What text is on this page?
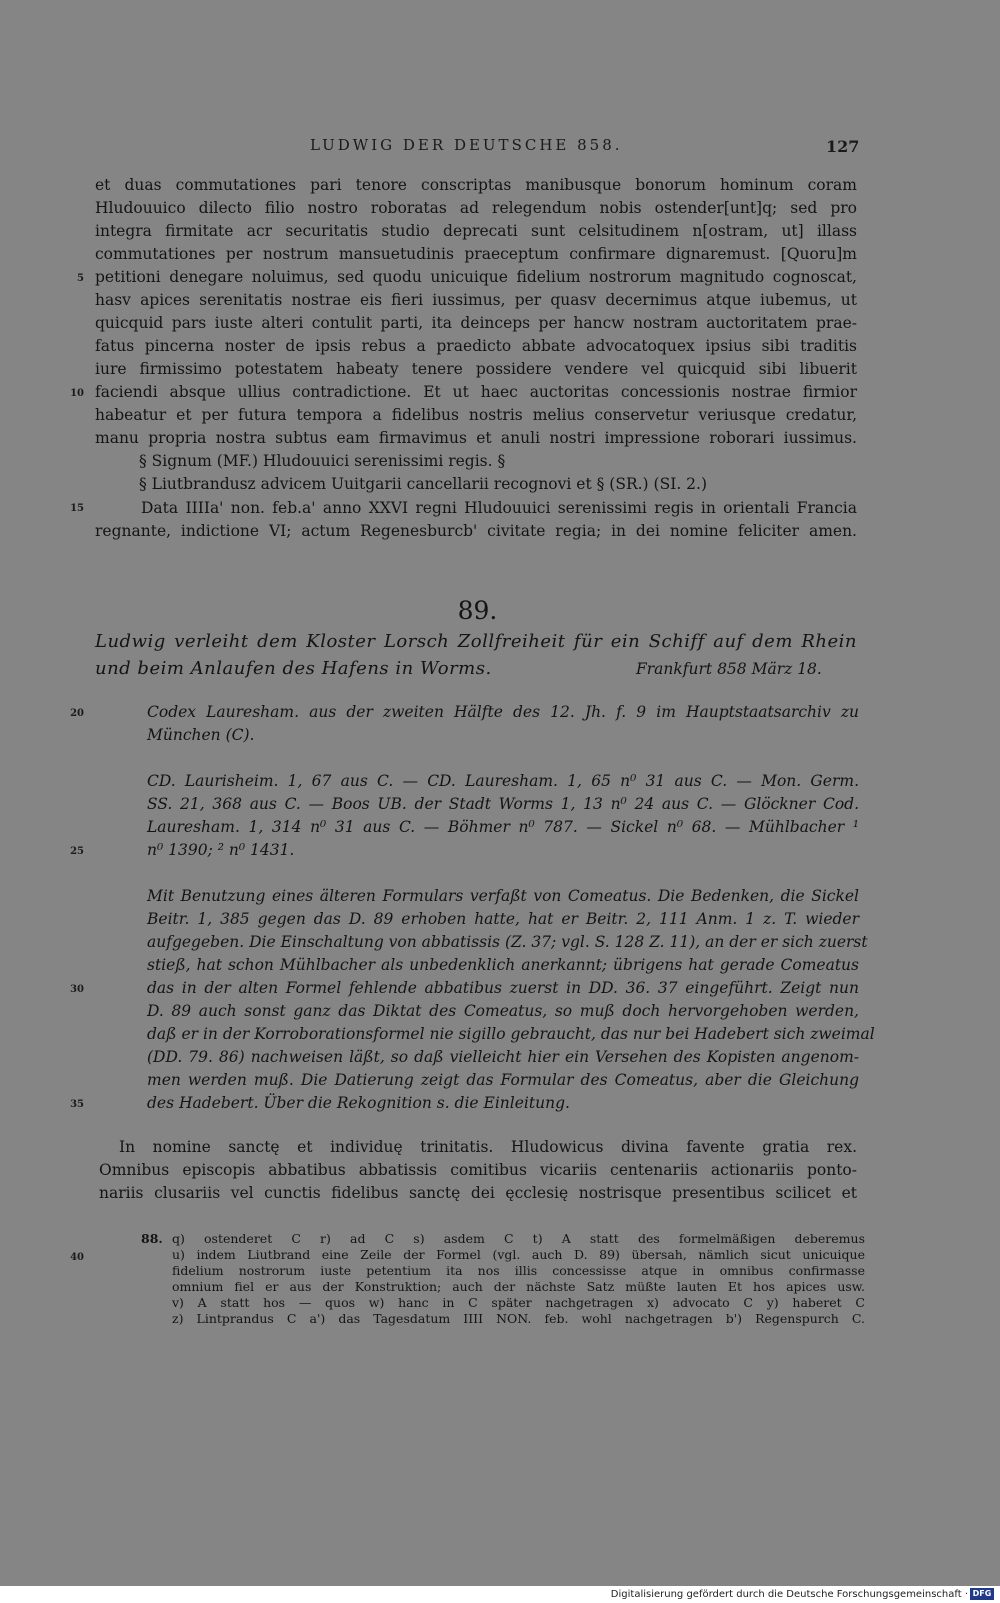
LUDWIG DER DEUTSCHE 858.	127
et duas commutationes pari tenore conscriptas manibusque bonorum hominum coram
Hludouuico dilecto filio nostro roboratas ad relegendum nobis ostender[unt]q; sed pro
integra firmitate acr securitatis studio deprecati sunt celsitudinem n[ostram, ut] illass
commutationes per nostrum mansuetudinis praeceptum confirmare dignaremust. [Quoru]m
petitioni denegare noluimus, sed quodu unicuique fidelium nostrorum magnitudo cognoscat,
5
hasv apices serenitatis nostrae eis fieri iussimus, per quasv decernimus atque iubemus, ut
quicquid pars iuste alteri contulit parti, ita deinceps per hancw nostram auctoritatem prae-
fatus pincerna noster de ipsis rebus a praedicto abbate advocatoquex ipsius sibi traditis
iure firmissimo potestatem habeaty tenere possidere vendere vel quicquid sibi libuerit
faciendi absque ullius contradictione. Et ut haec auctoritas concessionis nostrae firmior
10
habeatur et per futura tempora a fidelibus nostris melius conservetur veriusque credatur,
manu propria nostra subtus eam firmavimus et anuli nostri impressione roborari iussimus.
§ Signum (MF.) Hludouuici serenissimi regis. §
§ Liutbrandusz advicem Uuitgarii cancellarii recognovi et § (SR.) (SI. 2.)
Data IIIIa' non. feb.a' anno XXVI regni Hludouuici serenissimi regis in orientali Francia
15
regnante, indictione VI; actum Regenesburcb' civitate regia; in dei nomine feliciter amen.
89.
Ludwig verleiht dem Kloster Lorsch Zollfreiheit für ein Schiff auf dem Rhein
und beim Anlaufen des Hafens in Worms.	Frankfurt 858 März 18.
Codex Lauresham. aus der zweiten Hälfte des 12. Jh. f. 9 im Hauptstaatsarchiv zu
20
München (C).
CD. Laurisheim. 1, 67 aus C. — CD. Lauresham. 1, 65 n⁰ 31 aus C. — Mon. Germ.
SS. 21, 368 aus C. — Boos UB. der Stadt Worms 1, 13 n⁰ 24 aus C. — Glöckner Cod.
Lauresham. 1, 314 n⁰ 31 aus C. — Böhmer n⁰ 787. — Sickel n⁰ 68. — Mühlbacher ¹
n⁰ 1390; ² n⁰ 1431.
25
Mit Benutzung eines älteren Formulars verfaßt von Comeatus. Die Bedenken, die Sickel
Beitr. 1, 385 gegen das D. 89 erhoben hatte, hat er Beitr. 2, 111 Anm. 1 z. T. wieder
aufgegeben. Die Einschaltung von abbatissis (Z. 37; vgl. S. 128 Z. 11), an der er sich zuerst
stieß, hat schon Mühlbacher als unbedenklich anerkannt; übrigens hat gerade Comeatus
das in der alten Formel fehlende abbatibus zuerst in DD. 36. 37 eingeführt. Zeigt nun
30
D. 89 auch sonst ganz das Diktat des Comeatus, so muß doch hervorgehoben werden,
daß er in der Korroborationsformel nie sigillo gebraucht, das nur bei Hadebert sich zweimal
(DD. 79. 86) nachweisen läßt, so daß vielleicht hier ein Versehen des Kopisten angenom-
men werden muß. Die Datierung zeigt das Formular des Comeatus, aber die Gleichung
des Hadebert. Über die Rekognition s. die Einleitung.
35
In nomine sanctę et individuę trinitatis. Hludowicus divina favente gratia rex.
Omnibus episcopis abbatibus abbatissis comitibus vicariis centenariis actionariis ponto-
nariis clusariis vel cunctis fidelibus sanctę dei ęcclesię nostrisque presentibus scilicet et
88. q) ostenderet C r) ad C s) asdem C t) A statt des formelmäßigen deberemus
u) indem Liutbrand eine Zeile der Formel (vgl. auch D. 89) übersah, nämlich sicut unicuique
40
fidelium nostrorum iuste petentium ita nos illis concessisse atque in omnibus confirmasse
omnium fiel er aus der Konstruktion; auch der nächste Satz müßte lauten Et hos apices usw.
v) A statt hos — quos w) hanc in C später nachgetragen x) advocato C y) haberet C
z) Lintprandus C a') das Tagesdatum IIII NON. feb. wohl nachgetragen b') Regenspurch C.
Digitalisierung gefördert durch die Deutsche Forschungsgemeinschaft · DFG
